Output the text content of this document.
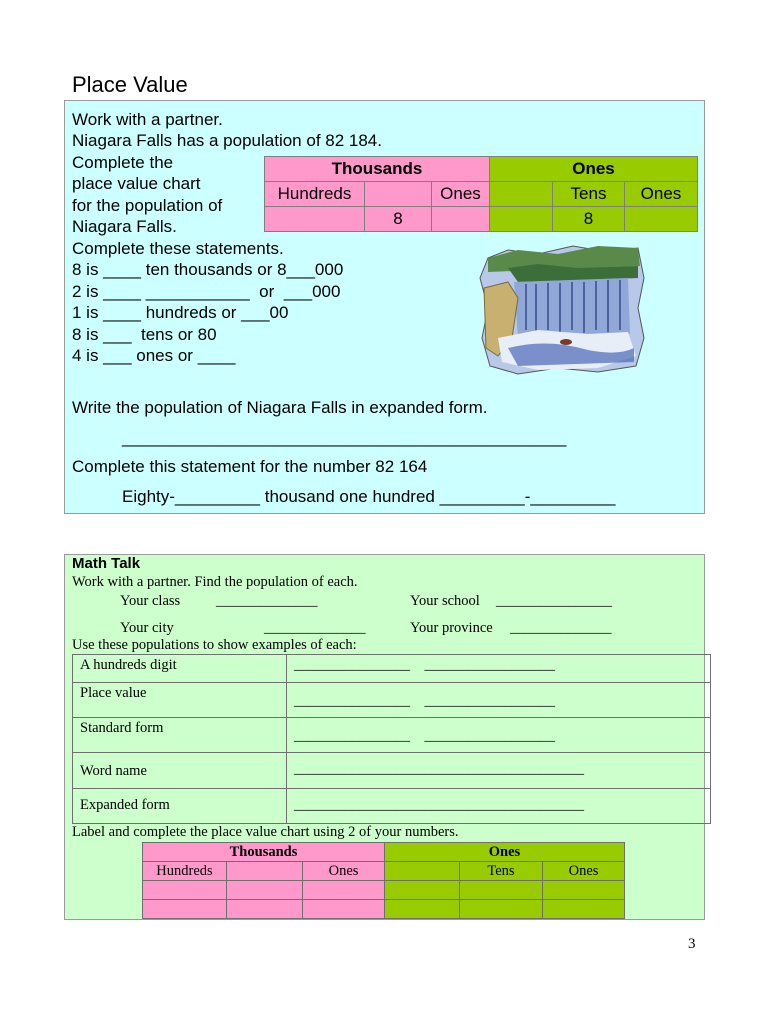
Place Value
Work with a partner.
Niagara Falls has a population of 82 184.
Complete the
place value chart
for the population of
Niagara Falls.
Complete these statements.
8 is ____ ten thousands or 8___000
2 is ____ ___________  or  ___000
1 is ____ hundreds or ___00
8 is ___  tens or 80
4 is ___ ones or ____
Thousands			Ones		
Hundreds		Ones		Tens	Ones
	8			8	
Write the population of Niagara Falls in expanded form.
_______________________________________________
Complete this statement for the number 82 164
Eighty-_________ thousand one hundred _________-_________
Math Talk
Work with a partner. Find the population of each.
Your class ______________	Your school ________________
Your city	______________	Your province ______________
Use these populations to show examples of each:
A hundreds digit	________________    __________________
Place value	________________    __________________
Standard form	________________    __________________
Word name	________________________________________
Expanded form	________________________________________
Label and complete the place value chart using 2 of your numbers.
Thousands			Ones		
Hundreds		Ones		Tens	Ones

3
